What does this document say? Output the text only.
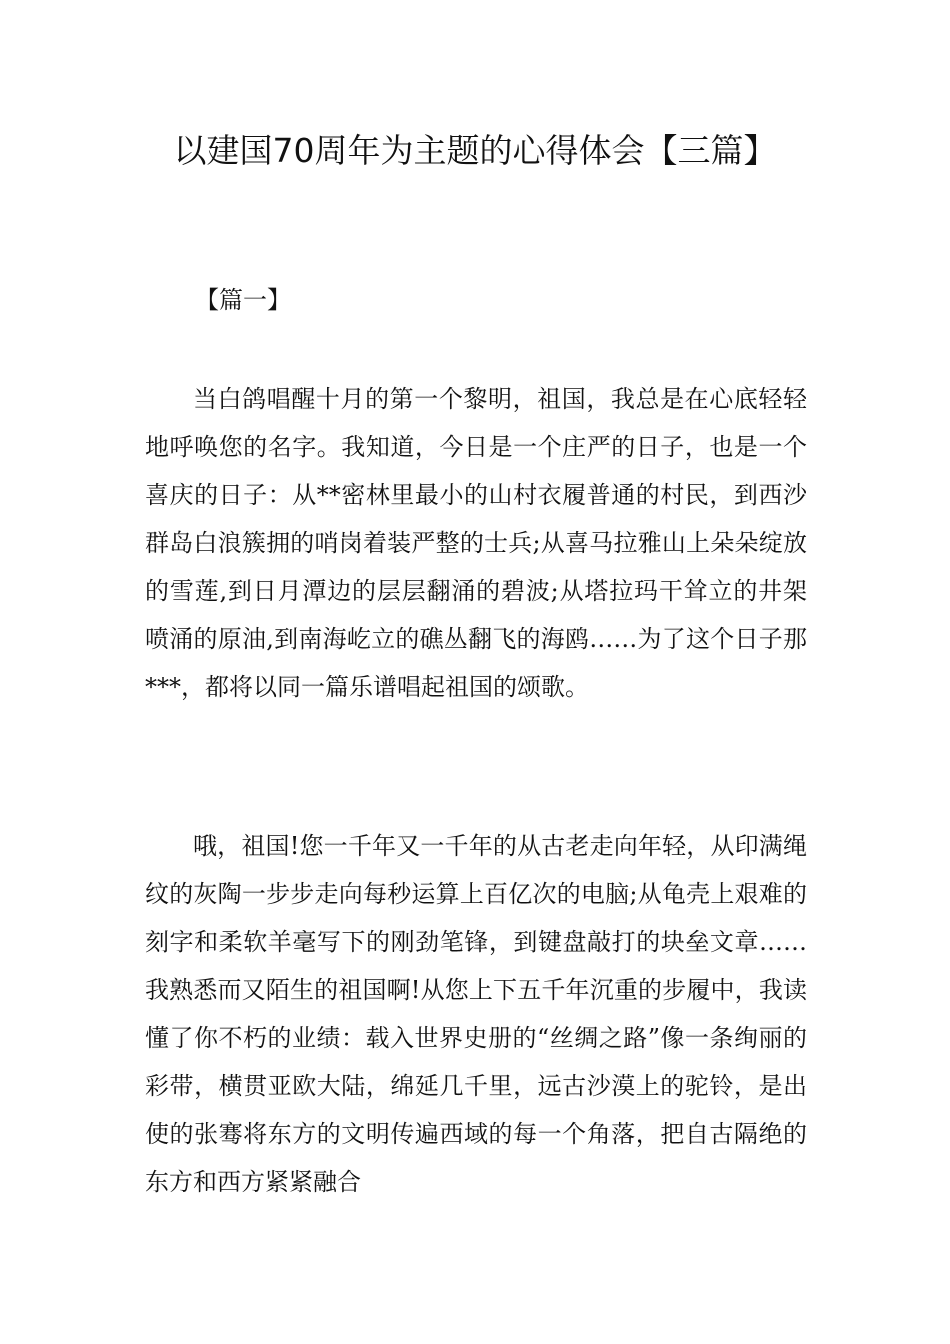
以建国70周年为主题的心得体会【三篇】

【篇一】

当白鸽唱醒十月的第一个黎明，祖国，我总是在心底轻轻地呼唤您的名字。我知道，今日是一个庄严的日子，也是一个喜庆的日子：从**密林里最小的山村衣履普通的村民，到西沙群岛白浪簇拥的哨岗着装严整的士兵;从喜马拉雅山上朵朵绽放的雪莲,到日月潭边的层层翻涌的碧波;从塔拉玛干耸立的井架喷涌的原油,到南海屹立的礁丛翻飞的海鸥……为了这个日子那***，都将以同一篇乐谱唱起祖国的颂歌。

哦，祖国!您一千年又一千年的从古老走向年轻，从印满绳纹的灰陶一步步走向每秒运算上百亿次的电脑;从龟壳上艰难的刻字和柔软羊毫写下的刚劲笔锋，到键盘敲打的块垒文章……我熟悉而又陌生的祖国啊!从您上下五千年沉重的步履中，我读懂了你不朽的业绩：载入世界史册的“丝绸之路”像一条绚丽的彩带，横贯亚欧大陆，绵延几千里，远古沙漠上的驼铃，是出使的张骞将东方的文明传遍西域的每一个角落，把自古隔绝的东方和西方紧紧融合
